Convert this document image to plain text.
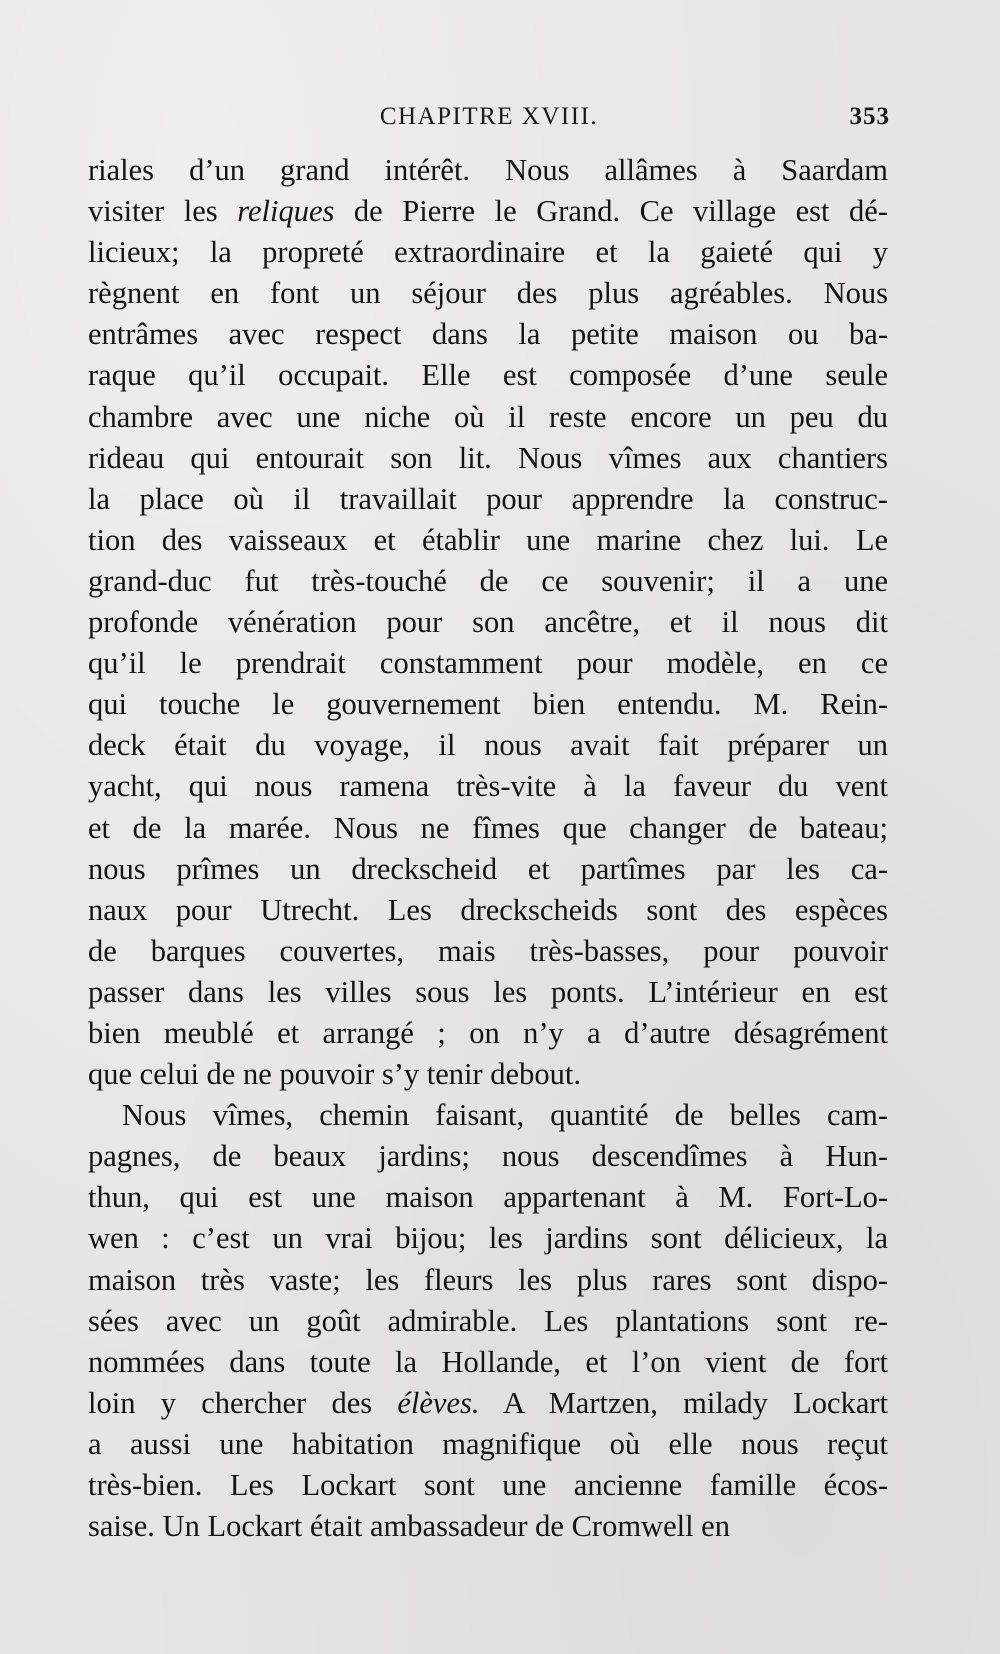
CHAPITRE XVIII.	353
riales d’un grand intérêt. Nous allâmes à Saardam
visiter les reliques de Pierre le Grand. Ce village est dé-
licieux; la propreté extraordinaire et la gaieté qui y
règnent en font un séjour des plus agréables. Nous
entrâmes avec respect dans la petite maison ou ba-
raque qu’il occupait. Elle est composée d’une seule
chambre avec une niche où il reste encore un peu du
rideau qui entourait son lit. Nous vîmes aux chantiers
la place où il travaillait pour apprendre la construc-
tion des vaisseaux et établir une marine chez lui. Le
grand-duc fut très-touché de ce souvenir; il a une
profonde vénération pour son ancêtre, et il nous dit
qu’il le prendrait constamment pour modèle, en ce
qui touche le gouvernement bien entendu. M. Rein-
deck était du voyage, il nous avait fait préparer un
yacht, qui nous ramena très-vite à la faveur du vent
et de la marée. Nous ne fîmes que changer de bateau;
nous prîmes un dreckscheid et partîmes par les ca-
naux pour Utrecht. Les dreckscheids sont des espèces
de barques couvertes, mais très-basses, pour pouvoir
passer dans les villes sous les ponts. L’intérieur en est
bien meublé et arrangé ; on n’y a d’autre désagrément
que celui de ne pouvoir s’y tenir debout.
Nous vîmes, chemin faisant, quantité de belles cam-
pagnes, de beaux jardins; nous descendîmes à Hun-
thun, qui est une maison appartenant à M. Fort-Lo-
wen : c’est un vrai bijou; les jardins sont délicieux, la
maison très vaste; les fleurs les plus rares sont dispo-
sées avec un goût admirable. Les plantations sont re-
nommées dans toute la Hollande, et l’on vient de fort
loin y chercher des élèves. A Martzen, milady Lockart
a aussi une habitation magnifique où elle nous reçut
très-bien. Les Lockart sont une ancienne famille écos-
saise. Un Lockart était ambassadeur de Cromwell en
